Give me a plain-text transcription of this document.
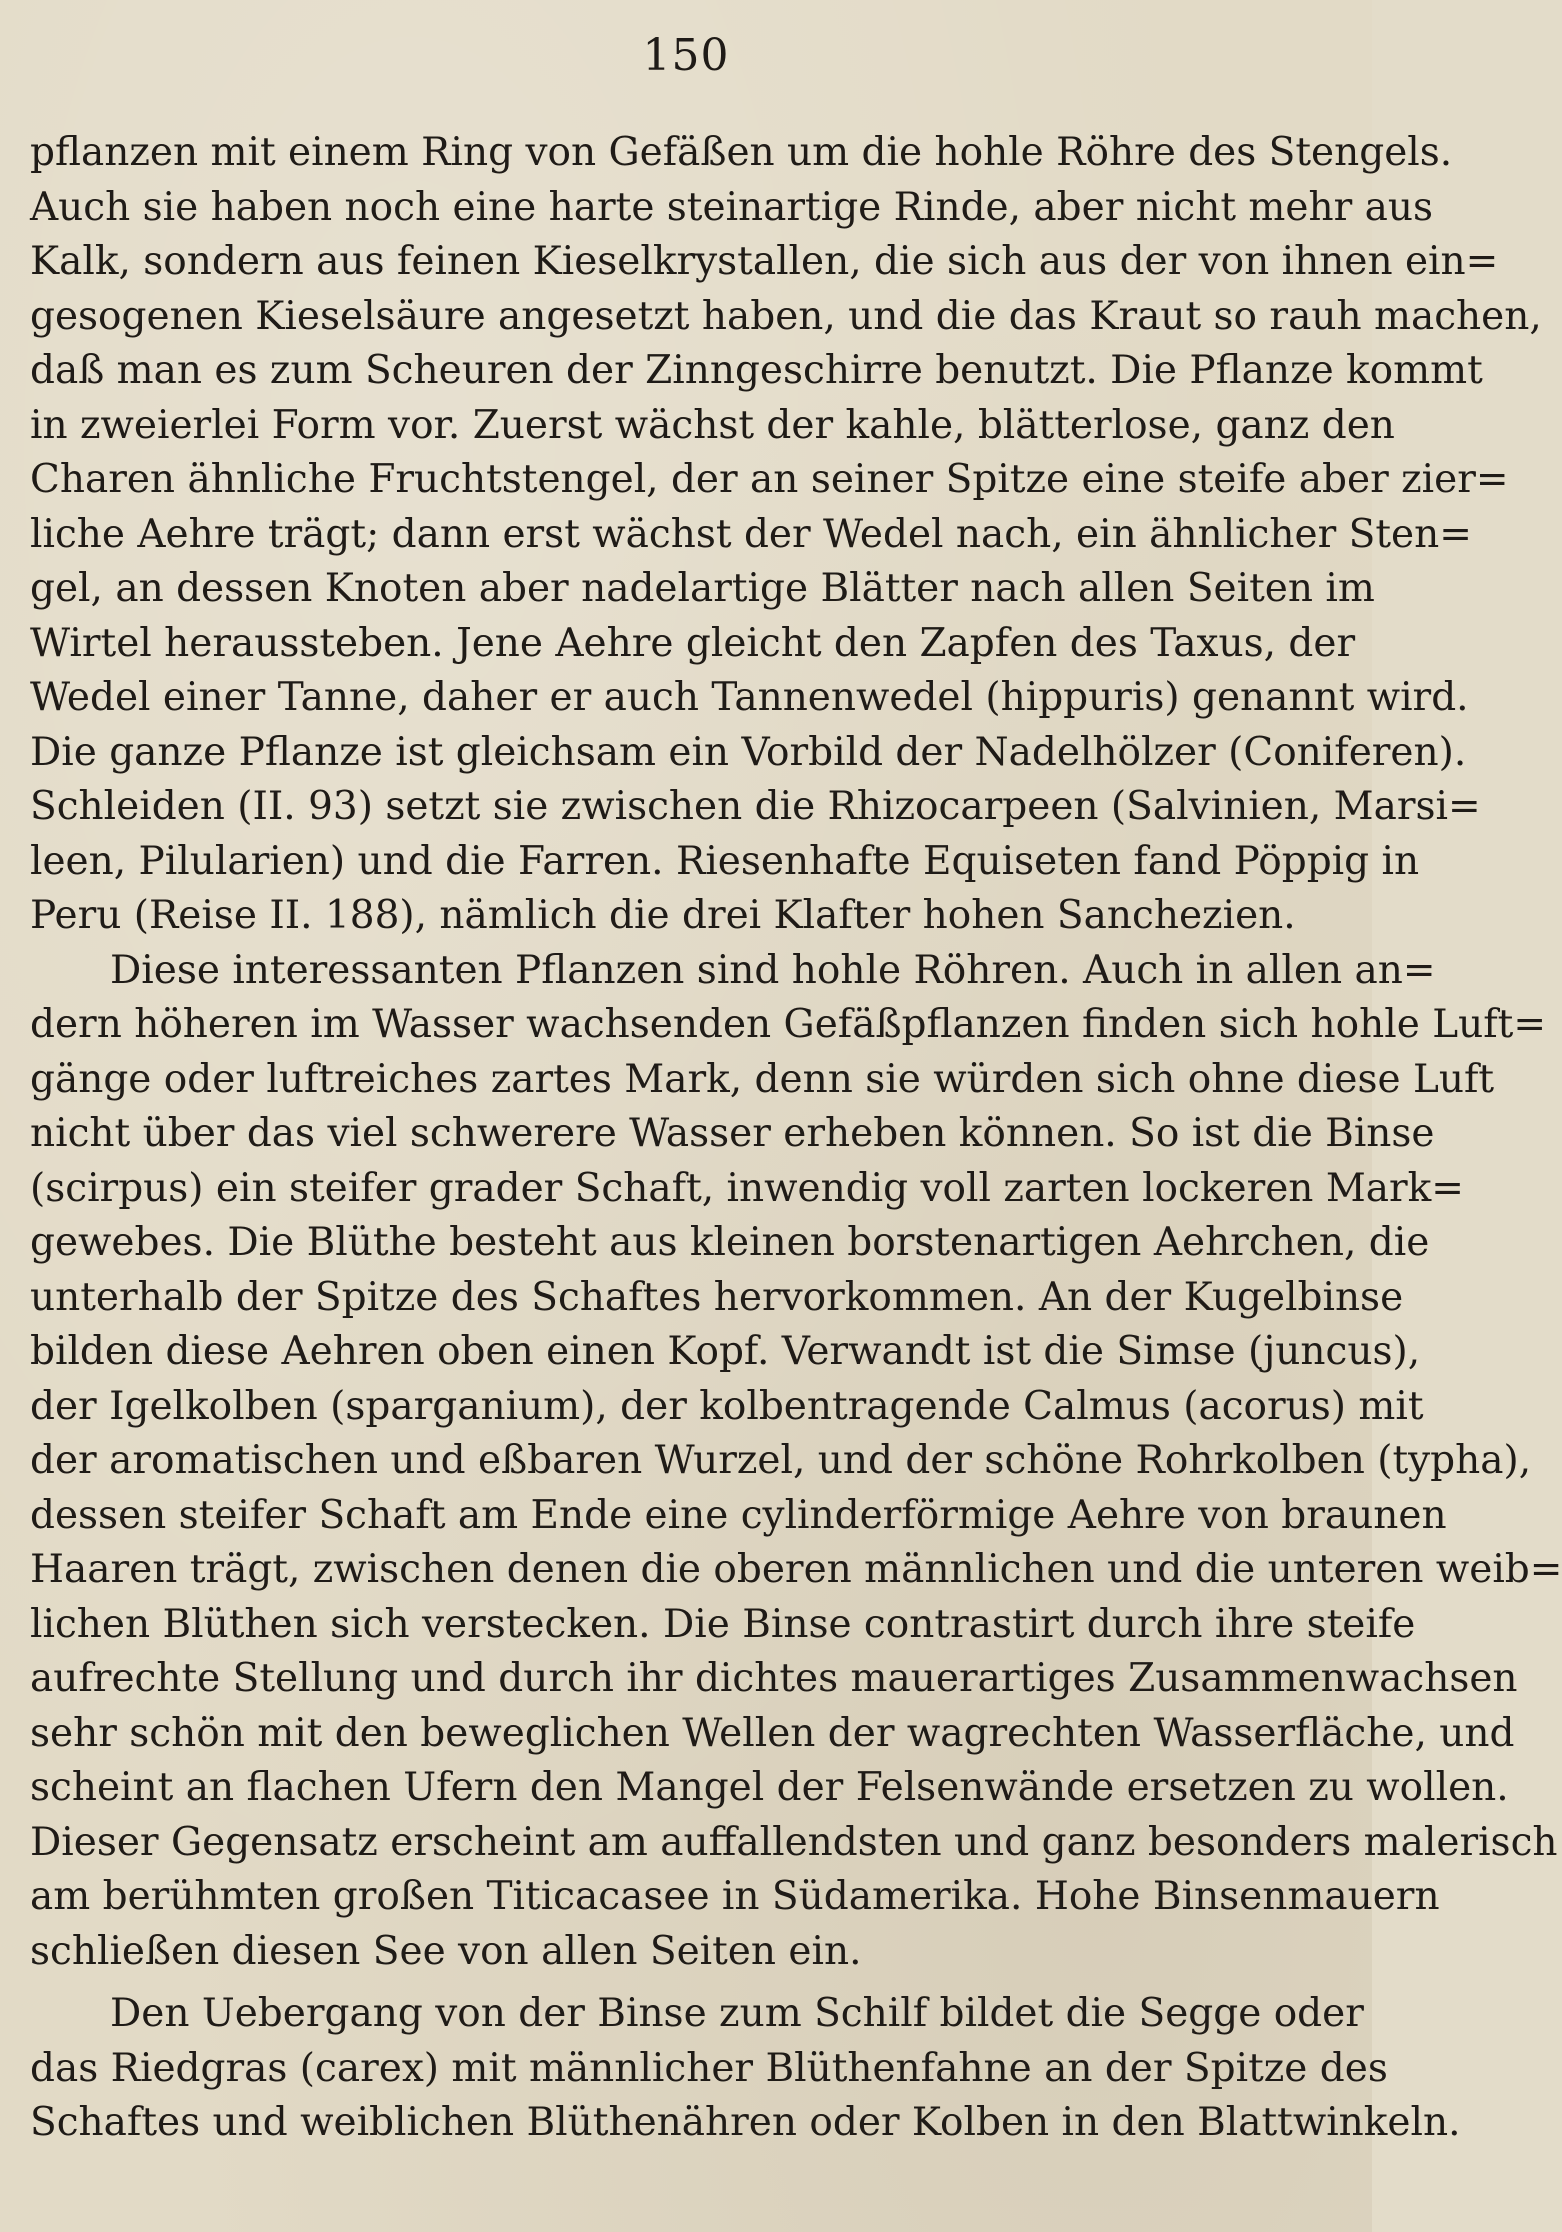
150
pflanzen mit einem Ring von Gefäßen um die hohle Röhre des Stengels.
Auch sie haben noch eine harte steinartige Rinde, aber nicht mehr aus
Kalk, sondern aus feinen Kieselkrystallen, die sich aus der von ihnen ein=
gesogenen Kieselsäure angesetzt haben, und die das Kraut so rauh machen,
daß man es zum Scheuren der Zinngeschirre benutzt. Die Pflanze kommt
in zweierlei Form vor. Zuerst wächst der kahle, blätterlose, ganz den
Charen ähnliche Fruchtstengel, der an seiner Spitze eine steife aber zier=
liche Aehre trägt; dann erst wächst der Wedel nach, ein ähnlicher Sten=
gel, an dessen Knoten aber nadelartige Blätter nach allen Seiten im
Wirtel heraussteben. Jene Aehre gleicht den Zapfen des Taxus, der
Wedel einer Tanne, daher er auch Tannenwedel (hippuris) genannt wird.
Die ganze Pflanze ist gleichsam ein Vorbild der Nadelhölzer (Coniferen).
Schleiden (II. 93) setzt sie zwischen die Rhizocarpeen (Salvinien, Marsi=
leen, Pilularien) und die Farren. Riesenhafte Equiseten fand Pöppig in
Peru (Reise II. 188), nämlich die drei Klafter hohen Sanchezien.
Diese interessanten Pflanzen sind hohle Röhren. Auch in allen an=
dern höheren im Wasser wachsenden Gefäßpflanzen finden sich hohle Luft=
gänge oder luftreiches zartes Mark, denn sie würden sich ohne diese Luft
nicht über das viel schwerere Wasser erheben können. So ist die Binse
(scirpus) ein steifer grader Schaft, inwendig voll zarten lockeren Mark=
gewebes. Die Blüthe besteht aus kleinen borstenartigen Aehrchen, die
unterhalb der Spitze des Schaftes hervorkommen. An der Kugelbinse
bilden diese Aehren oben einen Kopf. Verwandt ist die Simse (juncus),
der Igelkolben (sparganium), der kolbentragende Calmus (acorus) mit
der aromatischen und eßbaren Wurzel, und der schöne Rohrkolben (typha),
dessen steifer Schaft am Ende eine cylinderförmige Aehre von braunen
Haaren trägt, zwischen denen die oberen männlichen und die unteren weib=
lichen Blüthen sich verstecken. Die Binse contrastirt durch ihre steife
aufrechte Stellung und durch ihr dichtes mauerartiges Zusammenwachsen
sehr schön mit den beweglichen Wellen der wagrechten Wasserfläche, und
scheint an flachen Ufern den Mangel der Felsenwände ersetzen zu wollen.
Dieser Gegensatz erscheint am auffallendsten und ganz besonders malerisch
am berühmten großen Titicacasee in Südamerika. Hohe Binsenmauern
schließen diesen See von allen Seiten ein.
Den Uebergang von der Binse zum Schilf bildet die Segge oder
das Riedgras (carex) mit männlicher Blüthenfahne an der Spitze des
Schaftes und weiblichen Blüthenähren oder Kolben in den Blattwinkeln.
